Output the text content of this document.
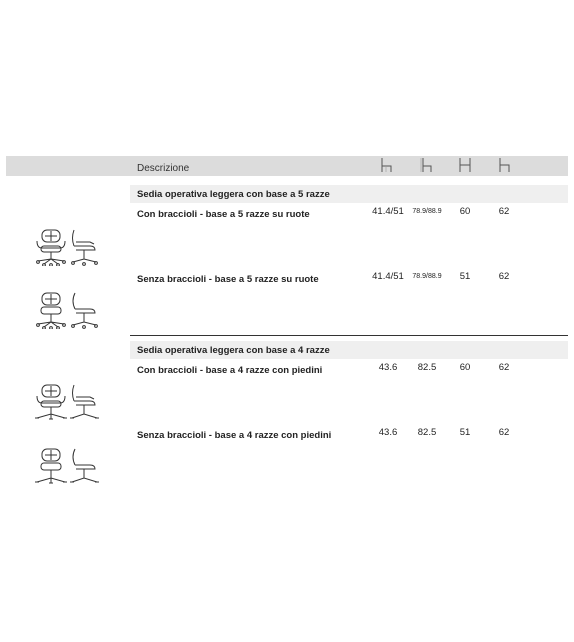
Descrizione
Sedia operativa leggera con base a 5 razze
Con braccioli - base a 5 razze su ruote	41.4/51	78.9/88.9	60	62
Senza braccioli - base a 5 razze su ruote	41.4/51	78.9/88.9	51	62
Sedia operativa leggera con base a 4 razze
Con braccioli - base a 4 razze con piedini	43.6	82.5	60	62
Senza braccioli - base a 4 razze con piedini	43.6	82.5	51	62
